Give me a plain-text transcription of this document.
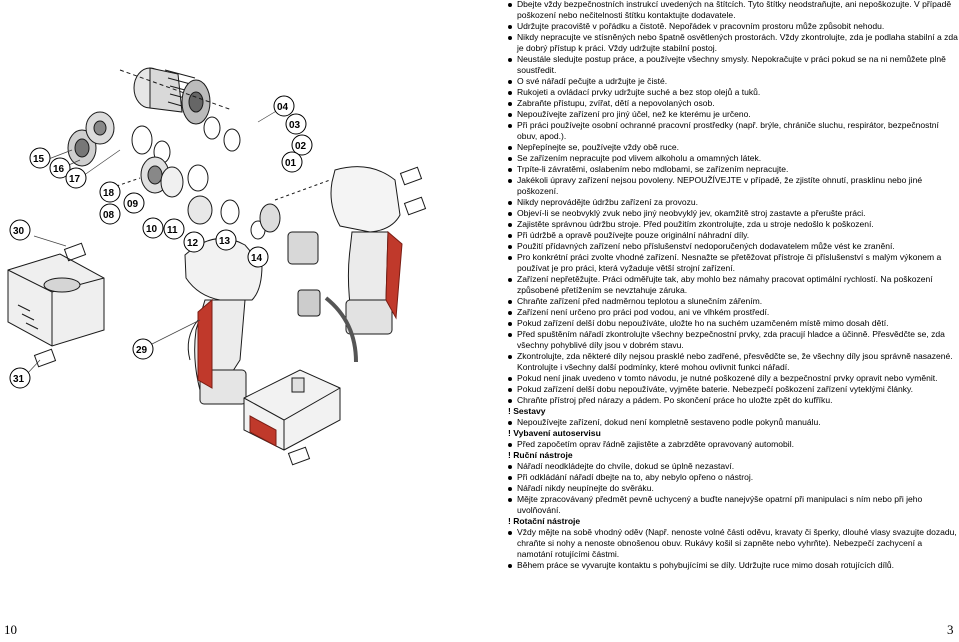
30
31
29
15
16
17
18
08
09
10 11
12 13
14
04
03
02
01
Dbejte vždy bezpečnostních instrukcí uvedených na štítcích. Tyto štítky neodstraňujte, ani nepoškozujte. V případě poškození nebo nečitelnosti štítku kontaktujte dodavatele.
Udržujte pracoviště v pořádku a čistotě. Nepořádek v pracovním prostoru může způsobit nehodu.
Nikdy nepracujte ve stísněných nebo špatně osvětlených prostorách. Vždy zkontrolujte, zda je podlaha stabilní a zda je dobrý přístup k práci. Vždy udržujte stabilní postoj.
Neustále sledujte postup práce, a používejte všechny smysly. Nepokračujte v práci pokud se na ni nemůžete plně soustředit.
O své nářadí pečujte a udržujte je čisté.
Rukojeti a ovládací prvky udržujte suché a bez stop olejů a tuků.
Zabraňte přístupu, zvířat, dětí a nepovolaných osob.
Nepoužívejte zařízení pro jiný účel, než ke kterému je určeno.
Při práci používejte osobní ochranné pracovní prostředky (např. brýle, chrániče sluchu, respirátor, bezpečnostní obuv, apod.).
Nepřepínejte se, používejte vždy obě ruce.
Se zařízením nepracujte pod vlivem alkoholu a omamných látek.
Trpíte-li závratěmi, oslabením nebo mdlobami, se zařízením nepracujte.
Jakékoli úpravy zařízení nejsou povoleny. NEPOUŽÍVEJTE v případě, že zjistíte ohnutí, prasklinu nebo jiné poškození.
Nikdy neprovádějte údržbu zařízení za provozu.
Objeví-li se neobvyklý zvuk nebo jiný neobvyklý jev, okamžitě stroj zastavte a přerušte práci.
Zajistěte správnou údržbu stroje. Před použitím zkontrolujte, zda u stroje nedošlo k poškození.
Při údržbě a opravě používejte pouze originální náhradní díly.
Použití přídavných zařízení nebo příslušenství nedoporučených dodavatelem může vést ke zranění.
Pro konkrétní práci zvolte vhodné zařízení. Nesnažte se přetěžovat přístroje či příslušenství s malým výkonem a používat je pro práci, která vyžaduje větší strojní zařízení.
Zařízení nepřetěžujte. Práci odměřujte tak, aby mohlo bez námahy pracovat optimální rychlostí. Na poškození způsobené přetížením se nevztahuje záruka.
Chraňte zařízení před nadměrnou teplotou a slunečním zářením.
Zařízení není určeno pro práci pod vodou, ani ve vlhkém prostředí.
Pokud zařízení delší dobu nepoužíváte, uložte ho na suchém uzamčeném místě mimo dosah dětí.
Před spuštěním nářadí zkontrolujte všechny bezpečnostní prvky, zda pracují hladce a účinně. Přesvědčte se, zda všechny pohyblivé díly jsou v dobrém stavu.
Zkontrolujte, zda některé díly nejsou prasklé nebo zadřené, přesvědčte se, že všechny díly jsou správně nasazené. Kontrolujte i všechny další podmínky, které mohou ovlivnit funkci nářadí.
Pokud není jinak uvedeno v tomto návodu, je nutné poškozené díly a bezpečnostní prvky opravit nebo vyměnit.
Pokud zařízení delší dobu nepoužíváte, vyjměte baterie. Nebezpečí poškození zařízení vyteklými články.
Chraňte přístroj před nárazy a pádem. Po skončení práce ho uložte zpět do kufříku.
! Sestavy
Nepoužívejte zařízení, dokud není kompletně sestaveno podle pokynů manuálu.
! Vybavení autoservisu
Před započetím oprav řádně zajistěte a zabrzděte opravovaný automobil.
! Ruční nástroje
Nářadí neodkládejte do chvíle, dokud se úplně nezastaví.
Při odkládání nářadí dbejte na to, aby nebylo opřeno o nástroj.
Nářadí nikdy neupínejte do svěráku.
Mějte zpracovávaný předmět pevně uchycený a buďte nanejvýše opatrní při manipulaci s ním nebo při jeho uvolňování.
! Rotační nástroje
Vždy mějte na sobě vhodný oděv (Např. nenoste volné části oděvu, kravaty či šperky, dlouhé vlasy svazujte dozadu, chraňte si nohy a nenoste obnošenou obuv. Rukávy košil si zapněte nebo vyhrňte). Nebezpečí zachycení a namotání rotujícími částmi.
Během práce se vyvarujte kontaktu s pohybujícími se díly. Udržujte ruce mimo dosah rotujících dílů.
10	3
